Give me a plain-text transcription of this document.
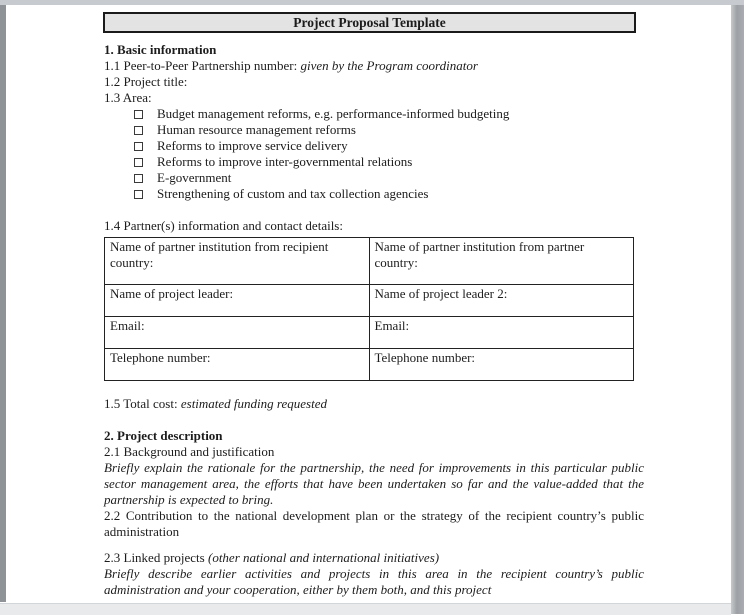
Project Proposal Template

1. Basic information

1.1 Peer-to-Peer Partnership number: given by the Program coordinator

1.2 Project title:

1.3 Area:

Budget management reforms, e.g. performance-informed budgeting
Human resource management reforms
Reforms to improve service delivery
Reforms to improve inter-governmental relations
E-government
Strengthening of custom and tax collection agencies

1.4 Partner(s) information and contact details:

Name of partner institution from recipient country:	Name of partner institution from partner country:
Name of project leader:	Name of project leader 2:
Email:	Email:
Telephone number:	Telephone number:

1.5 Total cost: estimated funding requested

2. Project description

2.1 Background and justification

Briefly explain the rationale for the partnership, the need for improvements in this particular public sector management area, the efforts that have been undertaken so far and the value-added that the partnership is expected to bring.

2.2 Contribution to the national development plan or the strategy of the recipient country’s public administration

2.3 Linked projects (other national and international initiatives)

Briefly describe earlier activities and projects in this area in the recipient country’s public administration and your cooperation, either by them both, and this project
